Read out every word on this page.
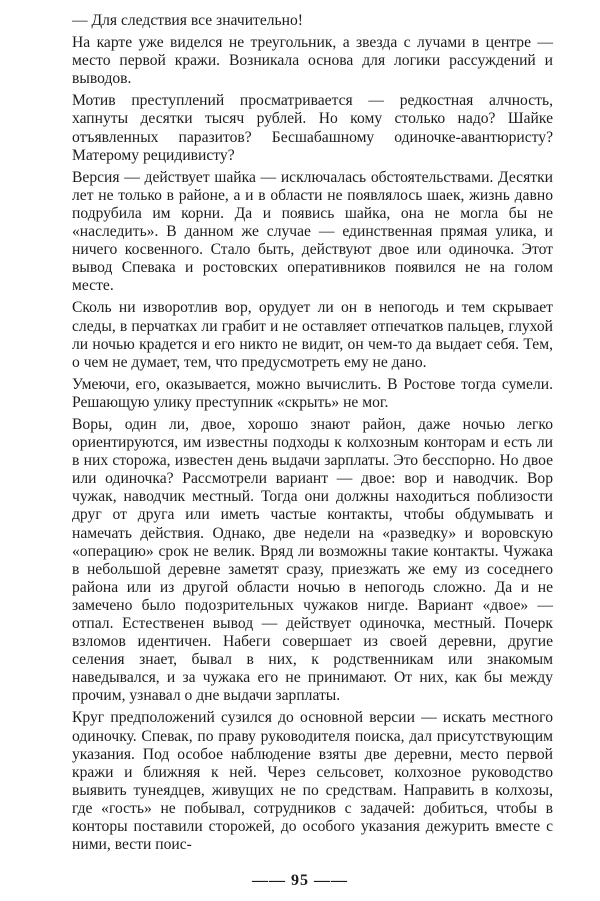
— Для следствия все значительно!

На карте уже виделся не треугольник, а звезда с лучами в центре — место первой кражи. Возникала основа для логики рассуждений и выводов.

Мотив преступлений просматривается — редкостная алчность, хапнуты десятки тысяч рублей. Но кому столько надо? Шайке отъявленных паразитов? Бесшабашному одиночке-авантюристу? Матерому рецидивисту?

Версия — действует шайка — исключалась обстоятельствами. Десятки лет не только в районе, а и в области не появлялось шаек, жизнь давно подрубила им корни. Да и появись шайка, она не могла бы не «наследить». В данном же случае — единственная прямая улика, и ничего косвенного. Стало быть, действуют двое или одиночка. Этот вывод Спевака и ростовских оперативников появился не на голом месте.

Сколь ни изворотлив вор, орудует ли он в непогодь и тем скрывает следы, в перчатках ли грабит и не оставляет отпечатков пальцев, глухой ли ночью крадется и его никто не видит, он чем-то да выдает себя. Тем, о чем не думает, тем, что предусмотреть ему не дано.

Умеючи, его, оказывается, можно вычислить. В Ростове тогда сумели. Решающую улику преступник «скрыть» не мог.

Воры, один ли, двое, хорошо знают район, даже ночью легко ориентируются, им известны подходы к колхозным конторам и есть ли в них сторожа, известен день выдачи зарплаты. Это бесспорно. Но двое или одиночка? Рассмотрели вариант — двое: вор и наводчик. Вор чужак, наводчик местный. Тогда они должны находиться поблизости друг от друга или иметь частые контакты, чтобы обдумывать и намечать действия. Однако, две недели на «разведку» и воровскую «операцию» срок не велик. Вряд ли возможны такие контакты. Чужака в небольшой деревне заметят сразу, приезжать же ему из соседнего района или из другой области ночью в непогодь сложно. Да и не замечено было подозрительных чужаков нигде. Вариант «двое» — отпал. Естественен вывод — действует одиночка, местный. Почерк взломов идентичен. Набеги совершает из своей деревни, другие селения знает, бывал в них, к родственникам или знакомым наведывался, и за чужака его не принимают. От них, как бы между прочим, узнавал о дне выдачи зарплаты.

Круг предположений сузился до основной версии — искать местного одиночку. Спевак, по праву руководителя поиска, дал присутствующим указания. Под особое наблюдение взяты две деревни, место первой кражи и ближняя к ней. Через сельсовет, колхозное руководство выявить тунеядцев, живущих не по средствам. Направить в колхозы, где «гость» не побывал, сотрудников с задачей: добиться, чтобы в конторы поставили сторожей, до особого указания дежурить вместе с ними, вести поис-

—— 95 ——
